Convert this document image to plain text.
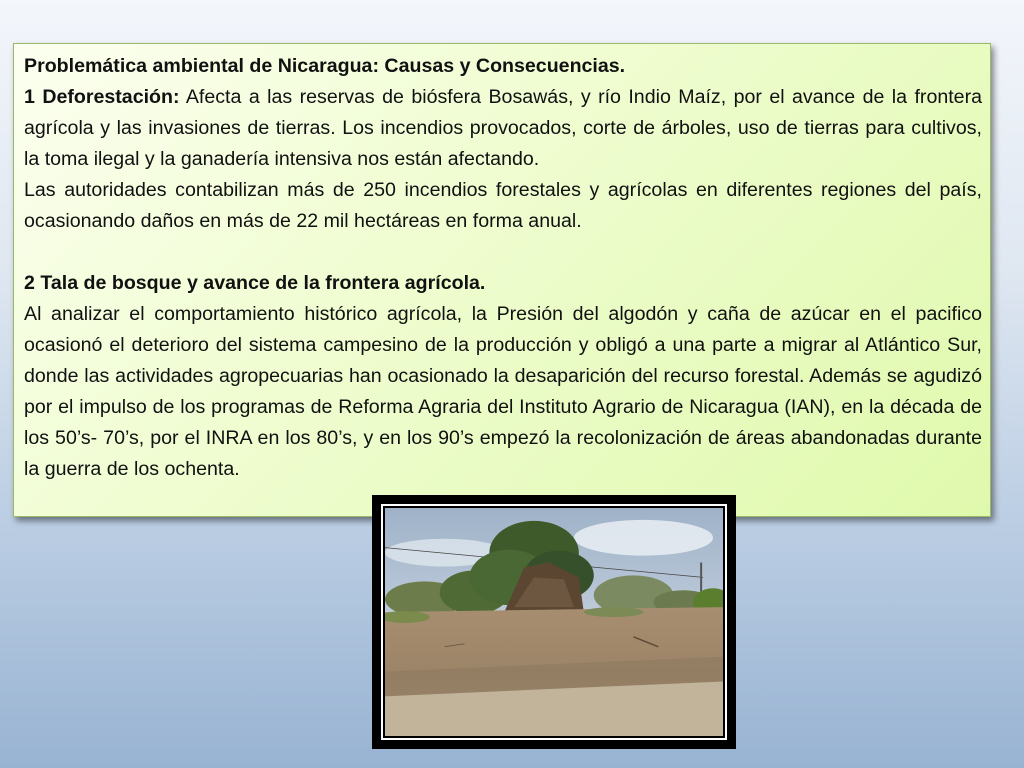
Problemática ambiental de Nicaragua: Causas y Consecuencias.

1 Deforestación: Afecta a las reservas de biósfera Bosawás, y río Indio Maíz, por el avance de la frontera agrícola y las invasiones de tierras. Los incendios provocados, corte de árboles, uso de tierras para cultivos, la toma ilegal y la ganadería intensiva nos están afectando.

Las autoridades contabilizan más de 250 incendios forestales y agrícolas en diferentes regiones del país, ocasionando daños en más de 22 mil hectáreas en forma anual.

2 Tala de bosque y avance de la frontera agrícola.

Al analizar el comportamiento histórico agrícola, la Presión del algodón y caña de azúcar en el pacifico ocasionó el deterioro del sistema campesino de la producción y obligó a una parte a migrar al Atlántico Sur, donde las actividades agropecuarias han ocasionado la desaparición del recurso forestal. Además se agudizó por el impulso de los programas de Reforma Agraria del Instituto Agrario de Nicaragua (IAN), en la década de los 50’s- 70’s, por el INRA en los 80’s, y en los 90’s empezó la recolonización de áreas abandonadas durante la guerra de los ochenta.
